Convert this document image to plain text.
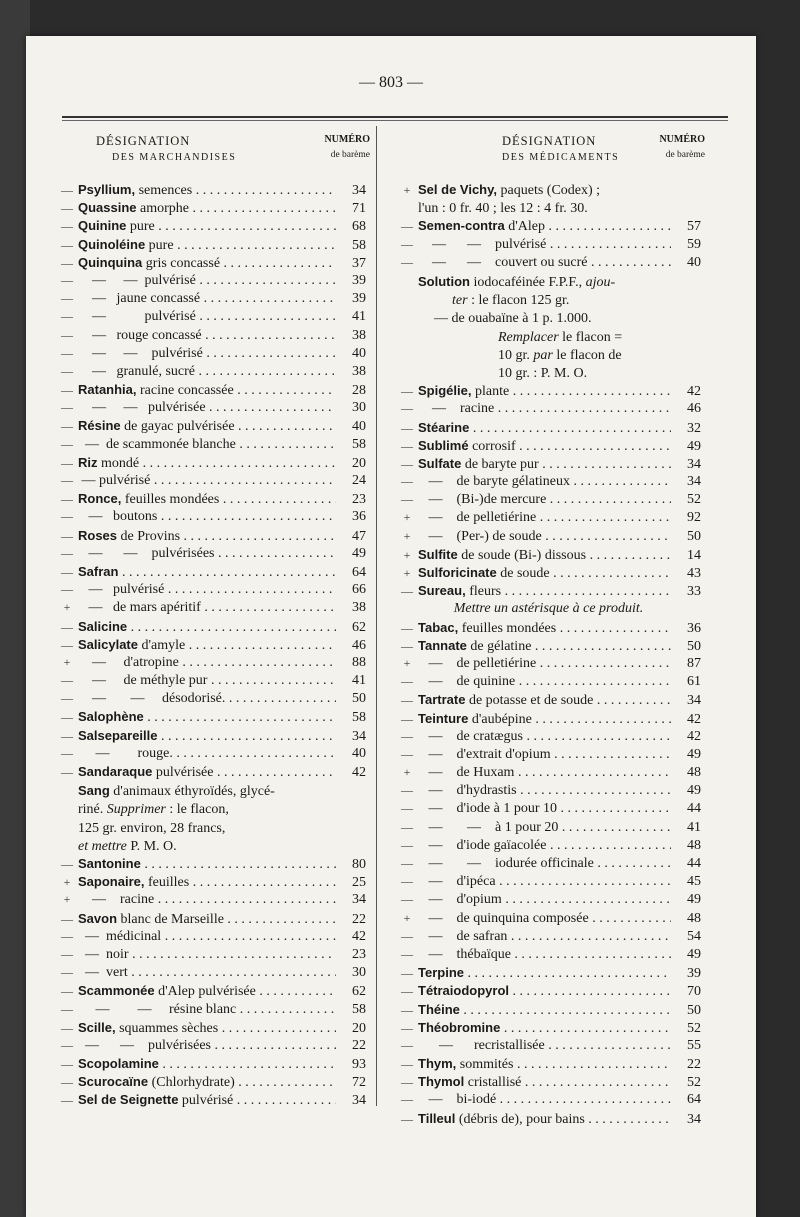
— 803 —
DÉSIGNATION
DES MARCHANDISES
NUMÉRO
de barème
— Psyllium, semences . . .	34
— Quassine amorphe . . .	71
— Quinine pure . . .	68
— Quinoléine pure . . .	58
— Quinquina gris concassé . . .	37
— —     —  pulvérisé . . .	39
— —   jaune concassé . . .	39
— —           pulvérisé . . .	41
— —   rouge concassé . . .	38
— —     —    pulvérisé . . .	40
— —   granulé, sucré . . .	38
— Ratanhia, racine concassée . . .	28
— —     —   pulvérisée . . .	30
— Résine de gayac pulvérisée . . .	40
— —  de scammonée blanche . . .	58
— Riz mondé . . .	20
— — pulvérisé . . .	24
— Ronce, feuilles mondées . . .	23
— —   boutons . . .	36
— Roses de Provins . . .	47
— —      —    pulvérisées . . .	49
— Safran . . .	64
— —   pulvérisé . . .	66
+ —   de mars apéritif . . .	38
— Salicine . . .	62
— Salicylate d'amyle . . .	46
+ —     d'atropine . . .	88
— —     de méthyle pur . . .	41
— —       —     désodorisé. . . .	50
— Salophène . . .	58
— Salsepareille . . .	34
— —        rouge. . . .	40
— Sandaraque pulvérisée . . .	42
Sang d'animaux éthyroïdés, glycé-
riné. Supprimer : le flacon,
125 gr. environ, 28 francs,
et mettre P. M. O.
— Santonine . . .	80
+ Saponaire, feuilles . . .	25
+ —    racine . . .	34
— Savon blanc de Marseille . . .	22
— —  médicinal . . .	42
— —  noir . . .	23
— —  vert . . .	30
— Scammonée d'Alep pulvérisée . . .	62
— —        —     résine blanc . . .	58
— Scille, squammes sèches . . .	20
— —      —    pulvérisées . . .	22
— Scopolamine . . .	93
— Scurocaïne (Chlorhydrate) . . .	72
— Sel de Seignette pulvérisé . . .	34
DÉSIGNATION
DES MÉDICAMENTS
NUMÉRO
de barème
+ Sel de Vichy, paquets (Codex) ;
l'un : 0 fr. 40 ; les 12 : 4 fr. 30.
— Semen-contra d'Alep . . .	57
— —      —    pulvérisé . . .	59
— —      —    couvert ou sucré . . .	40
Solution iodocaféinée F.P.F., ajou-
ter : le flacon 125 gr.
— de ouabaïne à 1 p. 1.000.
Remplacer le flacon =
10 gr. par le flacon de
10 gr. : P. M. O.
— Spigélie, plante . . .	42
— —    racine . . .	46
— Stéarine . . .	32
— Sublimé corrosif . . .	49
— Sulfate de baryte pur . . .	34
— —    de baryte gélatineux . . .	34
— —    (Bi-)de mercure . . .	52
+ —    de pelletiérine . . .	92
+ —    (Per-) de soude . . .	50
+ Sulfite de soude (Bi-) dissous . . .	14
+ Sulforicinate de soude . . .	43
— Sureau, fleurs . . .	33
Mettre un astérisque à ce produit.
— Tabac, feuilles mondées . . .	36
— Tannate de gélatine . . .	50
+ —    de pelletiérine . . .	87
— —    de quinine . . .	61
— Tartrate de potasse et de soude . . .	34
— Teinture d'aubépine . . .	42
— —    de cratægus . . .	42
— —    d'extrait d'opium . . .	49
+ —    de Huxam . . .	48
— —    d'hydrastis . . .	49
— —    d'iode à 1 pour 10 . . .	44
— —       —    à 1 pour 20 . . .	41
— —    d'iode gaïacolée . . .	48
— —       —    iodurée officinale . . .	44
— —    d'ipéca . . .	45
— —    d'opium . . .	49
+ —    de quinquina composée . . .	48
— —    de safran . . .	54
— —    thébaïque . . .	49
— Terpine . . .	39
— Tétraiodopyrol . . .	70
— Théine . . .	50
— Théobromine . . .	52
— —      recristallisée . . .	55
— Thym, sommités . . .	22
— Thymol cristallisé . . .	52
— —    bi-iodé . . .	64
— Tilleul (débris de), pour bains . . .	34
